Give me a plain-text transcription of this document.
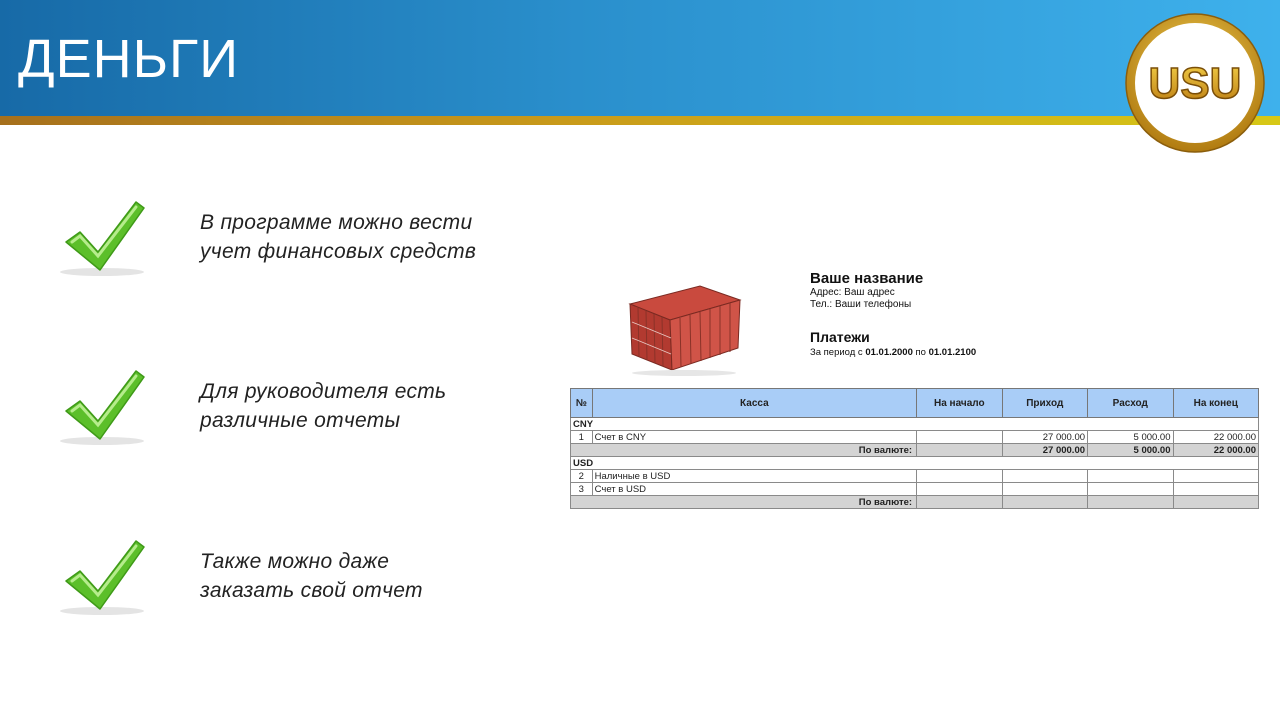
ДЕНЬГИ	USU
В программе можно вести
учет финансовых средств
Для руководителя есть
различные отчеты
Также можно даже
заказать свой отчет
Ваше название
Адрес: Ваш адрес
Тел.: Ваши телефоны
Платежи
За период с 01.01.2000 по 01.01.2100
№	Касса	На начало	Приход	Расход	На конец
CNY					
1	Счет в CNY		27 000.00	5 000.00	22 000.00
По валюте:			27 000.00	5 000.00	22 000.00
USD					
2	Наличные в USD				
3	Счет в USD				
По валюте:					
